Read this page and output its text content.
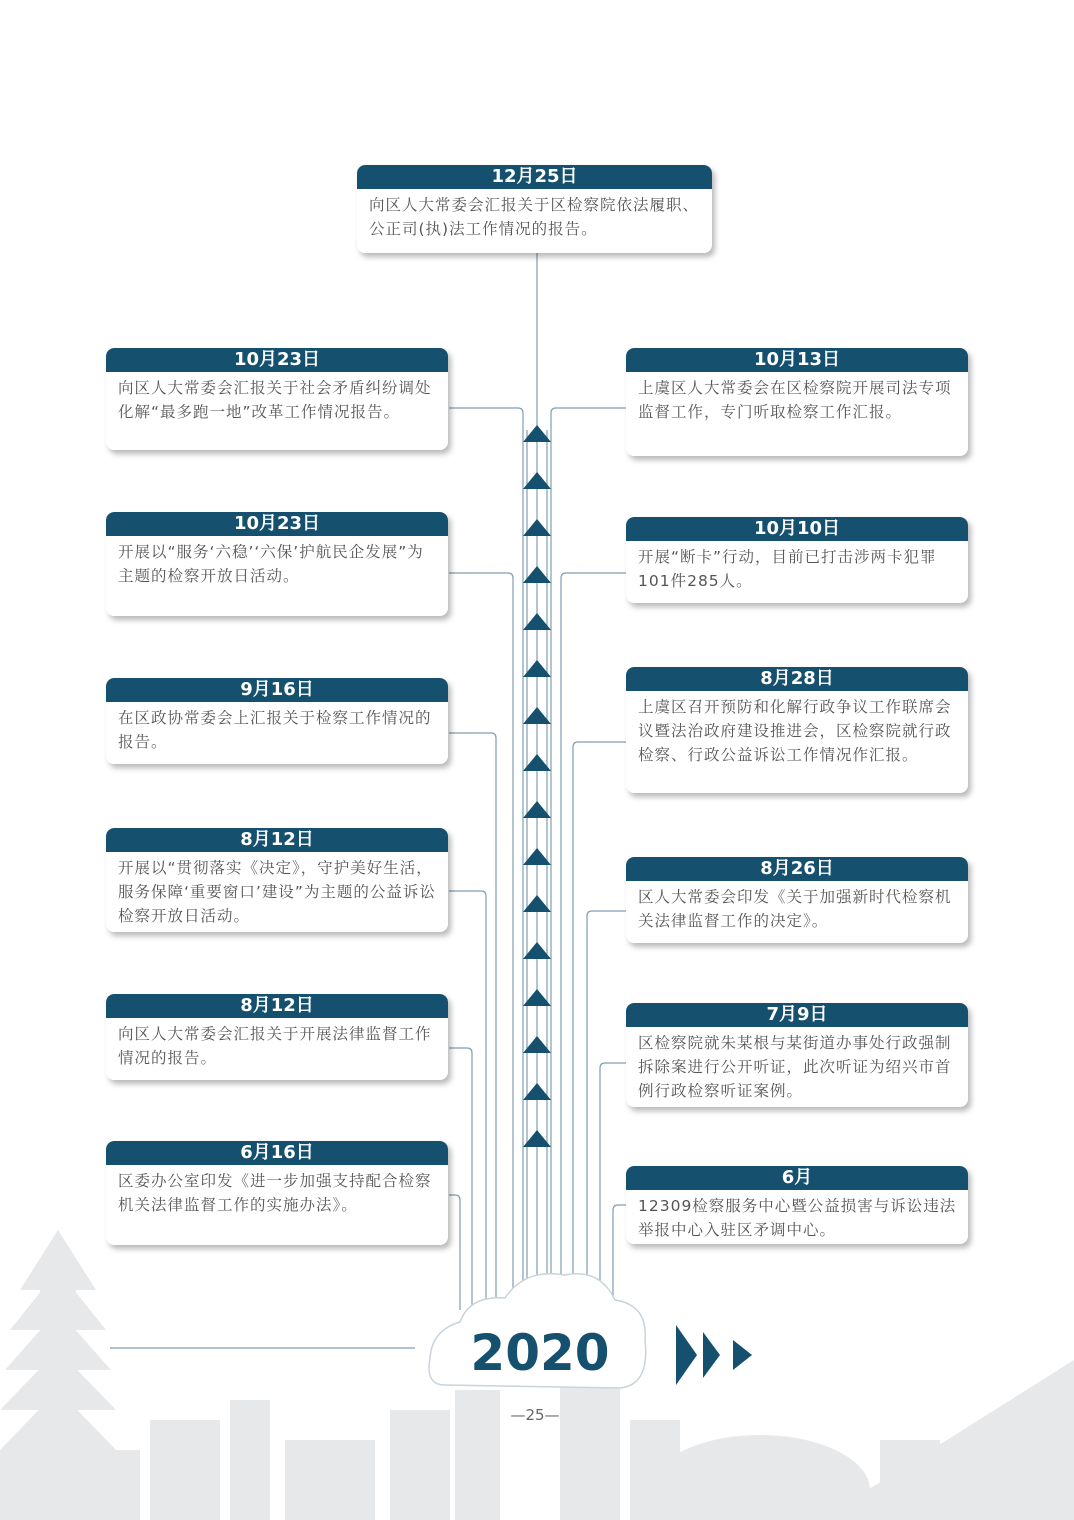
12月25日
向区人大常委会汇报关于区检察院依法履职、公正司(执)法工作情况的报告。
10月23日
向区人大常委会汇报关于社会矛盾纠纷调处化解“最多跑一地”改革工作情况报告。
10月13日
上虞区人大常委会在区检察院开展司法专项监督工作，专门听取检察工作汇报。
10月23日
开展以“服务‘六稳’‘六保’护航民企发展”为主题的检察开放日活动。
10月10日
开展“断卡”行动，目前已打击涉两卡犯罪101件285人。
9月16日
在区政协常委会上汇报关于检察工作情况的报告。
8月28日
上虞区召开预防和化解行政争议工作联席会议暨法治政府建设推进会，区检察院就行政检察、行政公益诉讼工作情况作汇报。
8月12日
开展以“贯彻落实《决定》，守护美好生活，服务保障‘重要窗口’建设”为主题的公益诉讼检察开放日活动。
8月26日
区人大常委会印发《关于加强新时代检察机关法律监督工作的决定》。
8月12日
向区人大常委会汇报关于开展法律监督工作情况的报告。
7月9日
区检察院就朱某根与某街道办事处行政强制拆除案进行公开听证，此次听证为绍兴市首例行政检察听证案例。
6月16日
区委办公室印发《进一步加强支持配合检察机关法律监督工作的实施办法》。
6月
12309检察服务中心暨公益损害与诉讼违法举报中心入驻区矛调中心。
2020
—25—
